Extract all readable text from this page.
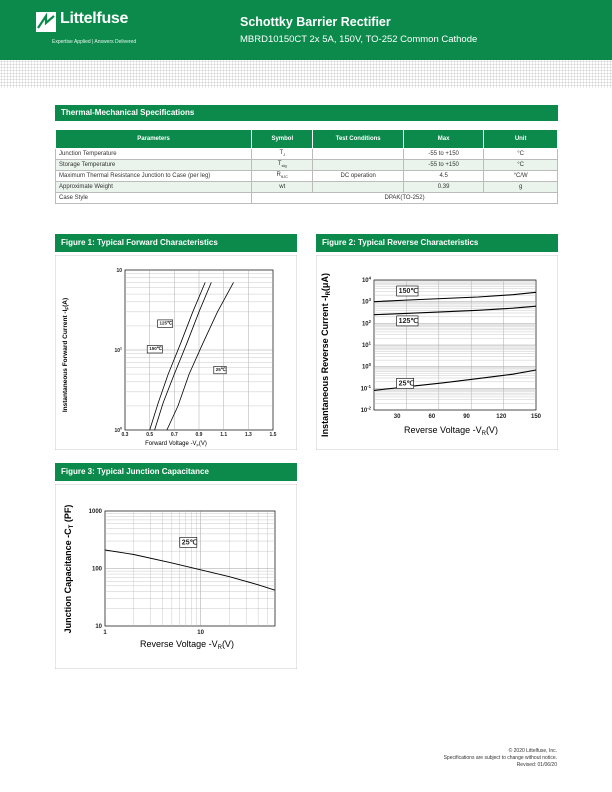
Littelfuse
Expertise Applied | Answers Delivered
Schottky Barrier Rectifier
MBRD10150CT 2x 5A, 150V, TO-252 Common Cathode
Thermal-Mechanical Specifications
Parameters	Symbol	Test Conditions	Max	Unit
Junction Temperature	$T_J$		-55 to +150	°C
Storage Temperature	$T_{stg}$		-55 to +150	°C
Maximum Thermal Resistance Junction to Case (per leg)	$R_{\theta JC}$	DC operation	4.5	°C/W
Approximate Weight	wt		0.39	g
Case Style	DPAK(TO-252)			
Figure 1: Typical Forward Characteristics	Figure 2: Typical Reverse Characteristics
Figure 3: Typical Junction Capacitance
0.3	0.5	0.7	0.9	1.1	1.3	1.5
$10^0$
$10^1$
10
125℃
150℃
25℃
Instantaneous Forward Current $-I_F(A)$
Forward Voltage $-V_F(V)$
30	60	90	120	150
$10^4$
$10^3$
$10^2$
$10^1$
$10^0$
$10^{-1}$
$10^{-2}$
150℃
125℃
25℃
Instantaneous Reverse Current $-I_R(\mu A)$
Reverse Voltage $-V_R(V)$
1	10
1000
100
10
25℃
Junction Capacitance $-C_T$ (PF)
Reverse Voltage $-V_R(V)$
© 2020 Littelfuse, Inc.
Specifications are subject to change without notice.
Revised: 01/06/20
